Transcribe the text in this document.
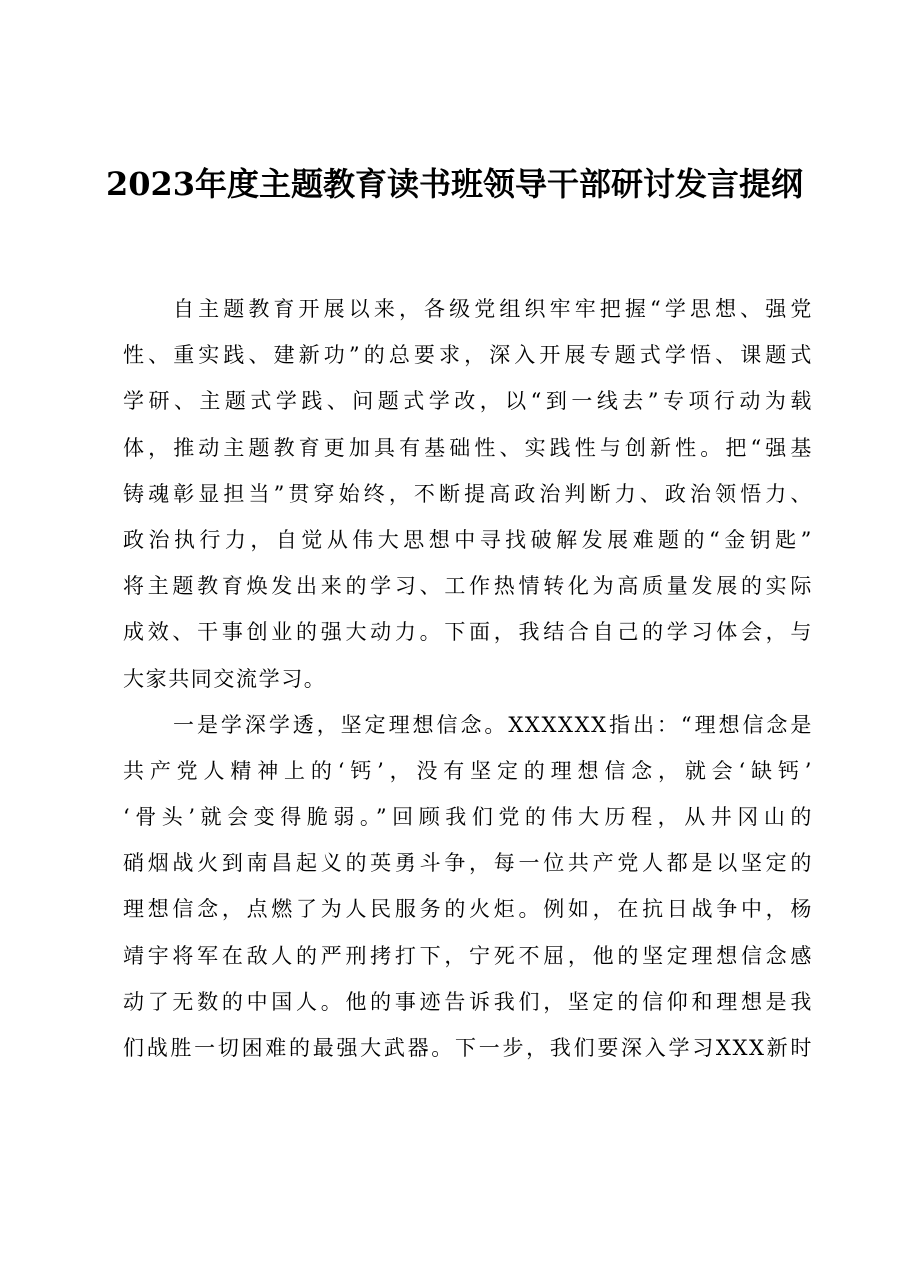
2023年度主题教育读书班领导干部研讨发言提纲
自主题教育开展以来，各级党组织牢牢把握“学思想、强党
性、重实践、建新功”的总要求，深入开展专题式学悟、课题式
学研、主题式学践、问题式学改，以“到一线去”专项行动为载
体，推动主题教育更加具有基础性、实践性与创新性。把“强基
铸魂彰显担当”贯穿始终，不断提高政治判断力、政治领悟力、
政治执行力，自觉从伟大思想中寻找破解发展难题的“金钥匙”
将主题教育焕发出来的学习、工作热情转化为高质量发展的实际
成效、干事创业的强大动力。下面，我结合自己的学习体会，与
大家共同交流学习。
一是学深学透，坚定理想信念。XXXXXX指出：“理想信念是
共产党人精神上的‘钙’，没有坚定的理想信念，就会‘缺钙’
‘骨头’就会变得脆弱。”回顾我们党的伟大历程，从井冈山的
硝烟战火到南昌起义的英勇斗争，每一位共产党人都是以坚定的
理想信念，点燃了为人民服务的火炬。例如，在抗日战争中，杨
靖宇将军在敌人的严刑拷打下，宁死不屈，他的坚定理想信念感
动了无数的中国人。他的事迹告诉我们，坚定的信仰和理想是我
们战胜一切困难的最强大武器。下一步，我们要深入学习XXX新时
